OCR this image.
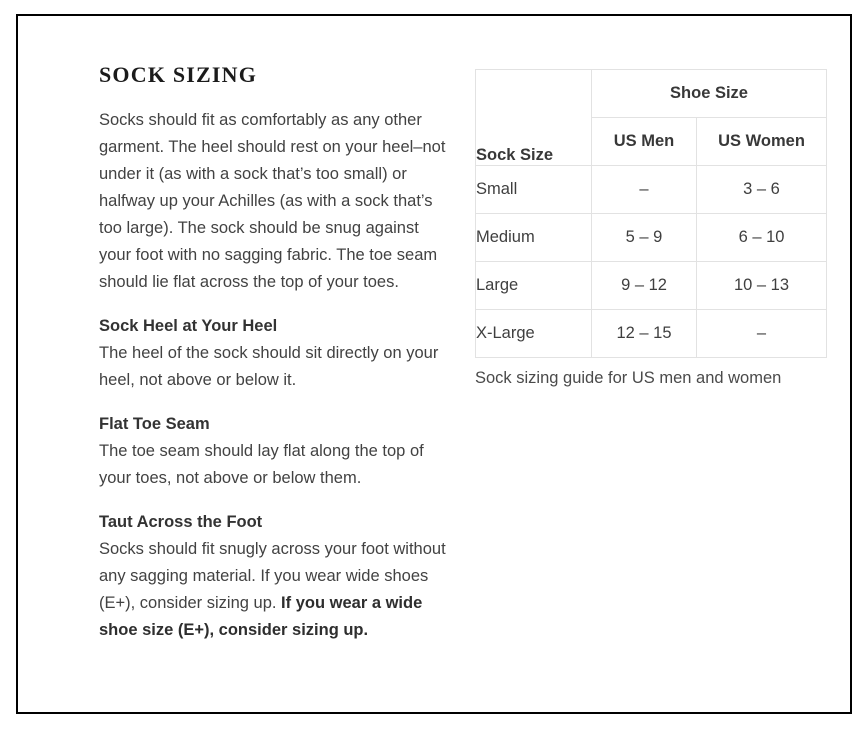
SOCK SIZING

Socks should fit as comfortably as any other garment. The heel should rest on your heel–not under it (as with a sock that’s too small) or halfway up your Achilles (as with a sock that’s too large). The sock should be snug against your foot with no sagging fabric. The toe seam should lie flat across the top of your toes.

Sock Heel at Your Heel

The heel of the sock should sit directly on your heel, not above or below it.

Flat Toe Seam

The toe seam should lay flat along the top of your toes, not above or below them.

Taut Across the Foot

Socks should fit snugly across your foot without any sagging material. If you wear wide shoes (E+), consider sizing up. If you wear a wide shoe size (E+), consider sizing up.

Sock Size	Shoe Size	
	US Men	US Women
Small	–	3 – 6
Medium	5 – 9	6 – 10
Large	9 – 12	10 – 13
X-Large	12 – 15	–
Sock sizing guide for US men and women
